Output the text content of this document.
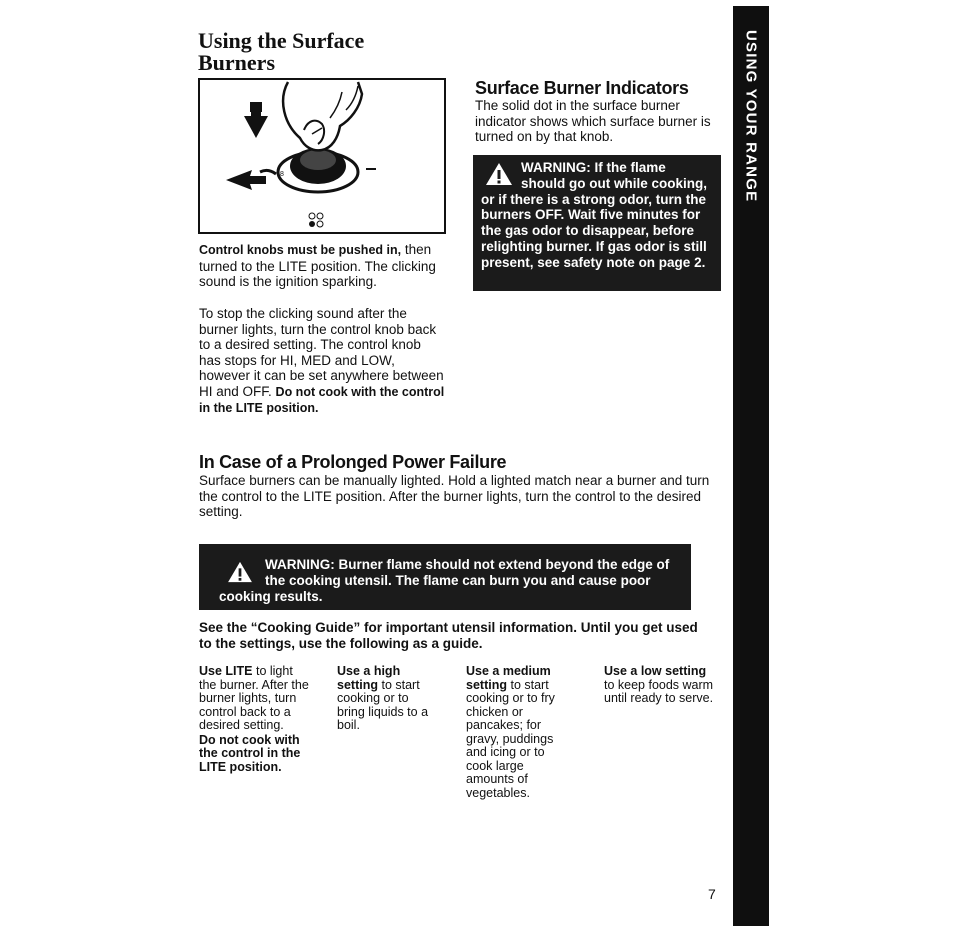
Using the Surface
Burners
8
Control knobs must be pushed in, then turned to the LITE position. The clicking sound is the ignition sparking.
To stop the clicking sound after the burner lights, turn the control knob back to a desired setting. The control knob has stops for HI, MED and LOW, however it can be set anywhere between HI and OFF. Do not cook with the control in the LITE position.
Surface Burner Indicators
The solid dot in the surface burner indicator shows which surface burner is turned on by that knob.
WARNING: If the flame should go out while cooking, or if there is a strong odor, turn the burners OFF. Wait five minutes for the gas odor to disappear, before relighting burner. If gas odor is still present, see safety note on page 2.
USING YOUR RANGE
In Case of a Prolonged Power Failure
Surface burners can be manually lighted. Hold a lighted match near a burner and turn the control to the LITE position. After the burner lights, turn the control to the desired setting.
WARNING: Burner flame should not extend beyond the edge of the cooking utensil. The flame can burn you and cause poor cooking results.
See the “Cooking Guide” for important utensil information. Until you get used to the settings, use the following as a guide.
Use LITE to light the burner. After the burner lights, turn control back to a desired setting.
Do not cook with the control in the LITE position.
Use a high setting to start cooking or to bring liquids to a boil.
Use a medium setting to start cooking or to fry chicken or pancakes; for gravy, puddings and icing or to cook large amounts of vegetables.
Use a low setting to keep foods warm until ready to serve.
7
